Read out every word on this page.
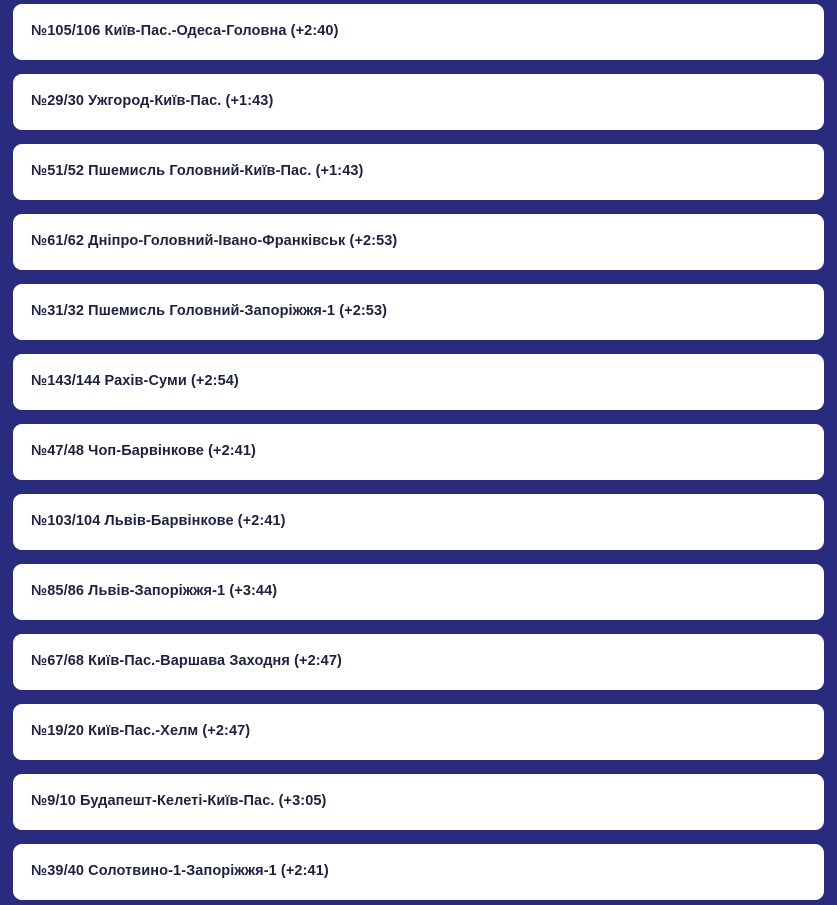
№105/106 Київ-Пас.-Одеса-Головна (+2:40)
№29/30 Ужгород-Київ-Пас. (+1:43)
№51/52 Пшемисль Головний-Київ-Пас. (+1:43)
№61/62 Дніпро-Головний-Івано-Франківськ (+2:53)
№31/32 Пшемисль Головний-Запоріжжя-1 (+2:53)
№143/144 Рахів-Суми (+2:54)
№47/48 Чоп-Барвінкове (+2:41)
№103/104 Львів-Барвінкове (+2:41)
№85/86 Львів-Запоріжжя-1 (+3:44)
№67/68 Київ-Пас.-Варшава Заходня (+2:47)
№19/20 Київ-Пас.-Хелм (+2:47)
№9/10 Будапешт-Келеті-Київ-Пас. (+3:05)
№39/40 Солотвино-1-Запоріжжя-1 (+2:41)
